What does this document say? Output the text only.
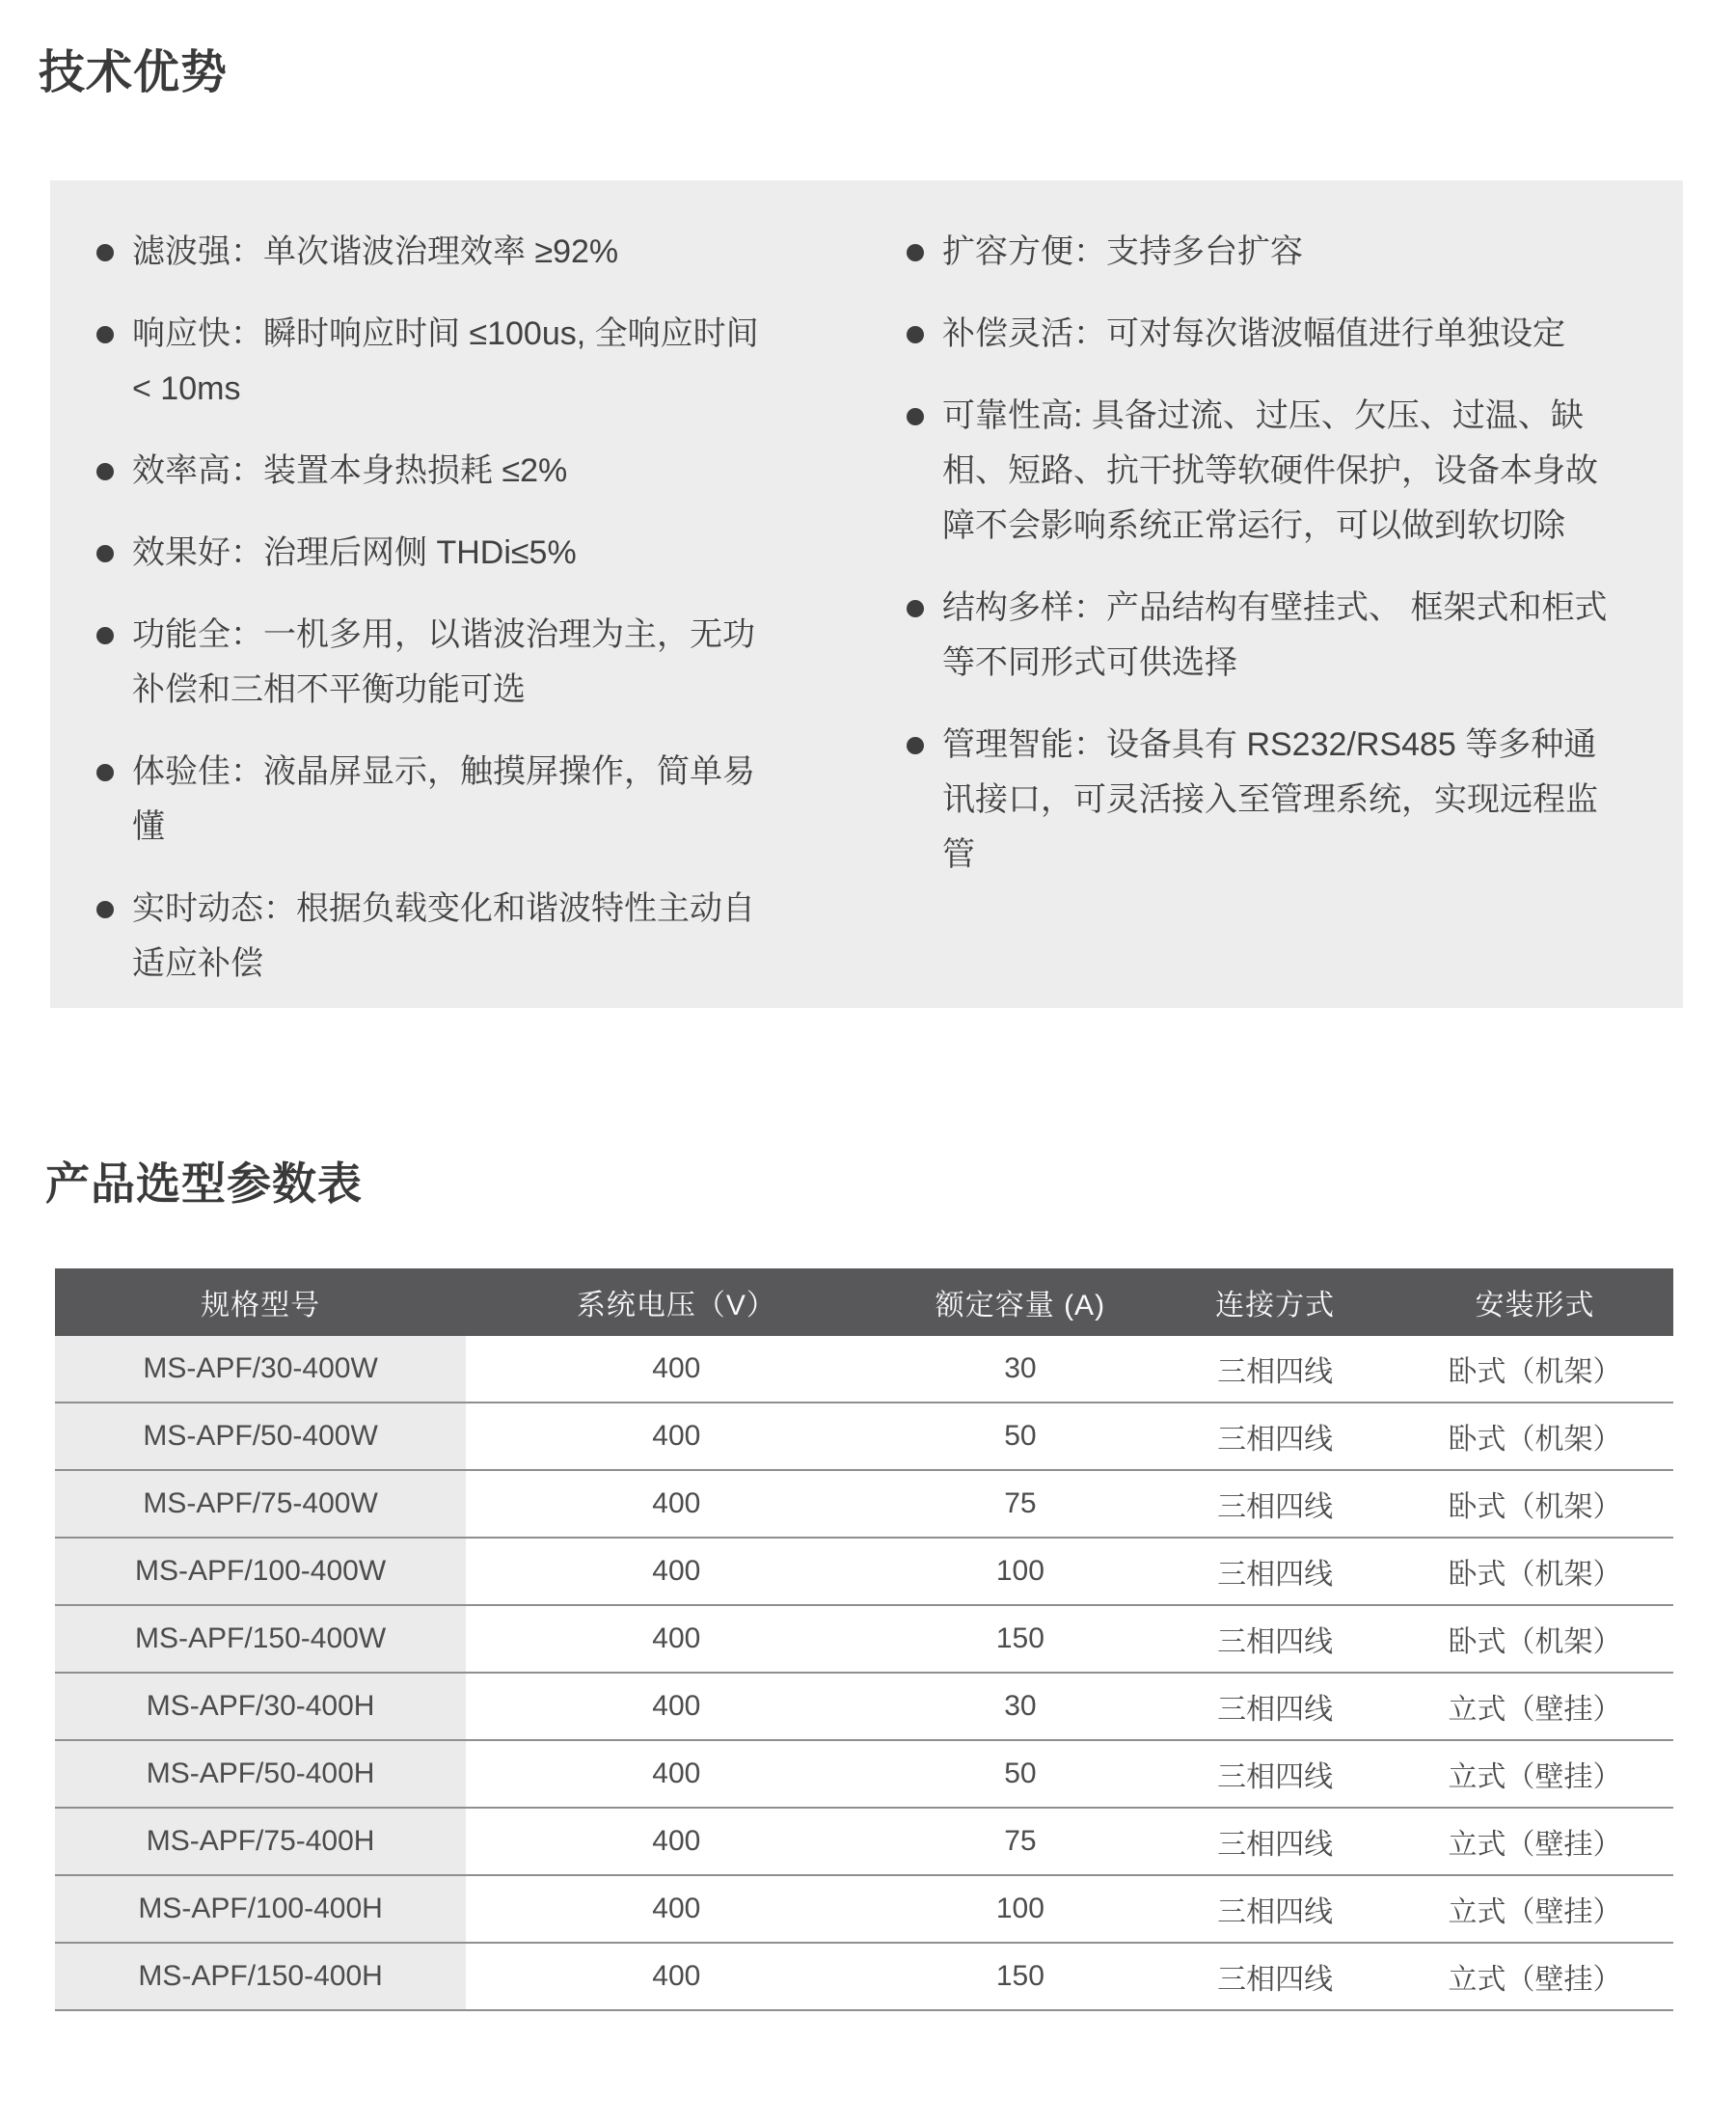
技术优势
滤波强：单次谐波治理效率 ≥92%
响应快：瞬时响应时间 ≤100us, 全响应时间 < 10ms
效率高：装置本身热损耗 ≤2%
效果好：治理后网侧 THDi≤5%
功能全：一机多用，以谐波治理为主，无功补偿和三相不平衡功能可选
体验佳：液晶屏显示，触摸屏操作，简单易懂
实时动态：根据负载变化和谐波特性主动自适应补偿
扩容方便：支持多台扩容
补偿灵活：可对每次谐波幅值进行单独设定
可靠性高: 具备过流、过压、欠压、过温、缺相、短路、抗干扰等软硬件保护，设备本身故障不会影响系统正常运行，可以做到软切除
结构多样：产品结构有壁挂式、 框架式和柜式等不同形式可供选择
管理智能：设备具有 RS232/RS485 等多种通讯接口，可灵活接入至管理系统，实现远程监管
产品选型参数表
规格型号	系统电压（V）	额定容量 (A)	连接方式	安装形式
MS-APF/30-400W	400	30	三相四线	卧式（机架）
MS-APF/50-400W	400	50	三相四线	卧式（机架）
MS-APF/75-400W	400	75	三相四线	卧式（机架）
MS-APF/100-400W	400	100	三相四线	卧式（机架）
MS-APF/150-400W	400	150	三相四线	卧式（机架）
MS-APF/30-400H	400	30	三相四线	立式（壁挂）
MS-APF/50-400H	400	50	三相四线	立式（壁挂）
MS-APF/75-400H	400	75	三相四线	立式（壁挂）
MS-APF/100-400H	400	100	三相四线	立式（壁挂）
MS-APF/150-400H	400	150	三相四线	立式（壁挂）
